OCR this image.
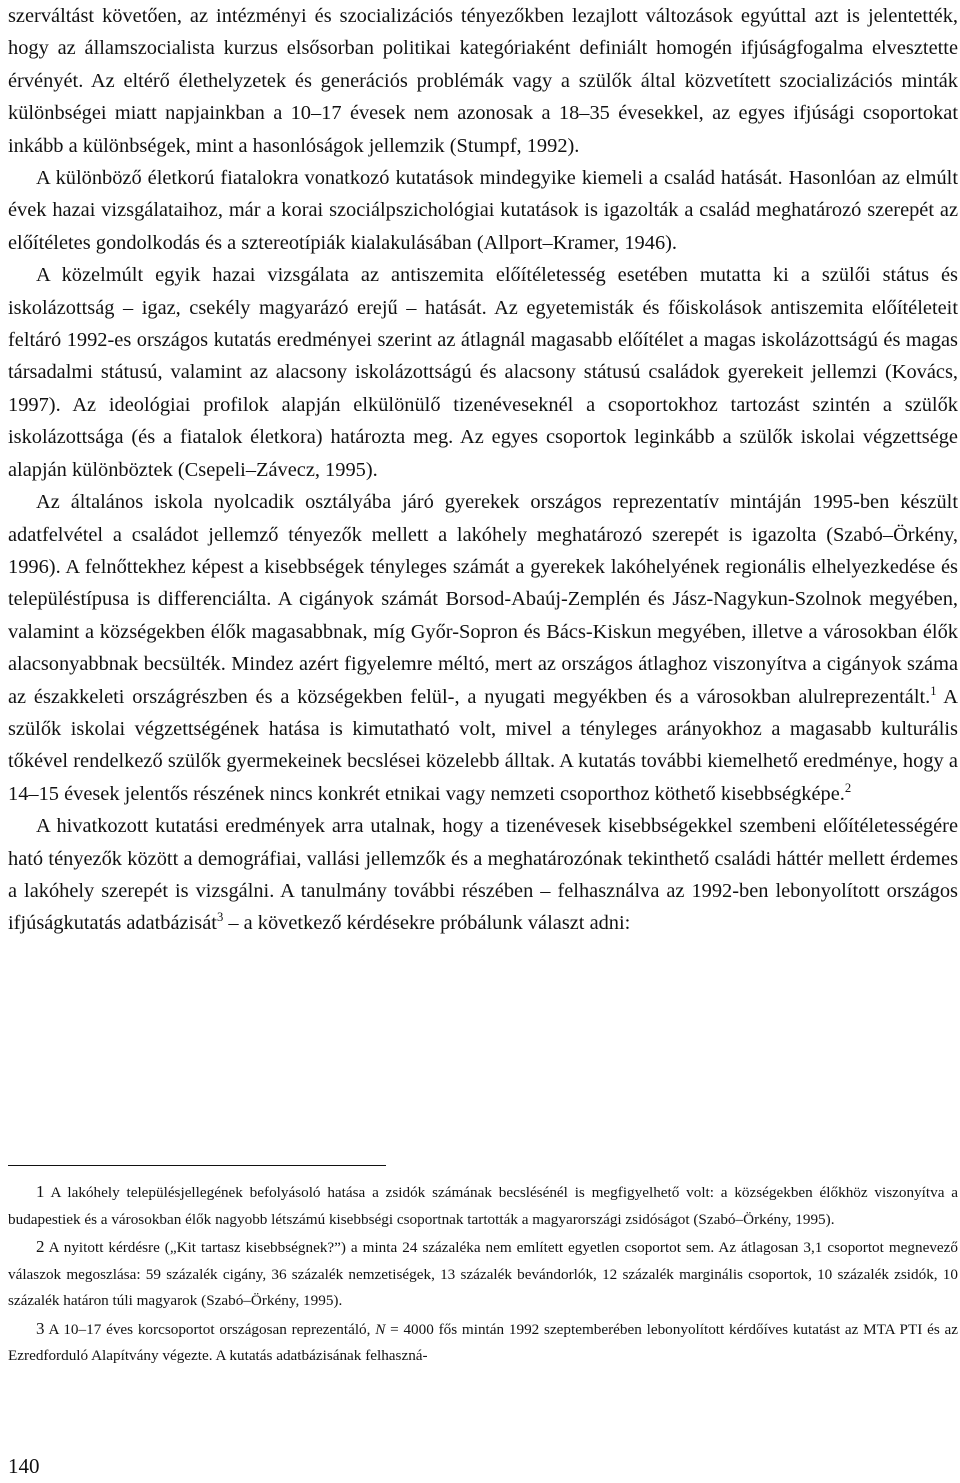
szerváltást követően, az intézményi és szocializációs tényezőkben lezajlott változások egyúttal azt is jelentették, hogy az államszocialista kurzus elsősorban politikai kategóriaként definiált homogén ifjúságfogalma elvesztette érvényét. Az eltérő élethelyzetek és generációs problémák vagy a szülők által közvetített szocializációs minták különbségei miatt napjainkban a 10–17 évesek nem azonosak a 18–35 évesekkel, az egyes ifjúsági csoportokat inkább a különbségek, mint a hasonlóságok jellemzik (Stumpf, 1992).

A különböző életkorú fiatalokra vonatkozó kutatások mindegyike kiemeli a család hatását. Hasonlóan az elmúlt évek hazai vizsgálataihoz, már a korai szociálpszichológiai kutatások is igazolták a család meghatározó szerepét az előítéletes gondolkodás és a sztereotípiák kialakulásában (Allport–Kramer, 1946).

A közelmúlt egyik hazai vizsgálata az antiszemita előítéletesség esetében mutatta ki a szülői státus és iskolázottság – igaz, csekély magyarázó erejű – hatását. Az egyetemisták és főiskolások antiszemita előítéleteit feltáró 1992-es országos kutatás eredményei szerint az átlagnál magasabb előítélet a magas iskolázottságú és magas társadalmi státusú, valamint az alacsony iskolázottságú és alacsony státusú családok gyerekeit jellemzi (Kovács, 1997). Az ideológiai profilok alapján elkülönülő tizenéveseknél a csoportokhoz tartozást szintén a szülők iskolázottsága (és a fiatalok életkora) határozta meg. Az egyes csoportok leginkább a szülők iskolai végzettsége alapján különböztek (Csepeli–Závecz, 1995).

Az általános iskola nyolcadik osztályába járó gyerekek országos reprezentatív mintáján 1995-ben készült adatfelvétel a családot jellemző tényezők mellett a lakóhely meghatározó szerepét is igazolta (Szabó–Örkény, 1996). A felnőttekhez képest a kisebbségek tényleges számát a gyerekek lakóhelyének regionális elhelyezkedése és településtípusa is differenciálta. A cigányok számát Borsod-Abaúj-Zemplén és Jász-Nagykun-Szolnok megyében, valamint a községekben élők magasabbnak, míg Győr-Sopron és Bács-Kiskun megyében, illetve a városokban élők alacsonyabbnak becsülték. Mindez azért figyelemre méltó, mert az országos átlaghoz viszonyítva a cigányok száma az északkeleti országrészben és a községekben felül-, a nyugati megyékben és a városokban alulreprezentált.$^1$ A szülők iskolai végzettségének hatása is kimutatható volt, mivel a tényleges arányokhoz a magasabb kulturális tőkével rendelkező szülők gyermekeinek becslései közelebb álltak. A kutatás további kiemelhető eredménye, hogy a 14–15 évesek jelentős részének nincs konkrét etnikai vagy nemzeti csoporthoz köthető kisebbségképe.$^2$

A hivatkozott kutatási eredmények arra utalnak, hogy a tizenévesek kisebbségekkel szembeni előítéletességére ható tényezők között a demográfiai, vallási jellemzők és a meghatározónak tekinthető családi háttér mellett érdemes a lakóhely szerepét is vizsgálni. A tanulmány további részében – felhasználva az 1992-ben lebonyolított országos ifjúságkutatás adatbázisát$^3$ – a következő kérdésekre próbálunk választ adni:

1 A lakóhely településjellegének befolyásoló hatása a zsidók számának becslésénél is megfigyelhető volt: a községekben élőkhöz viszonyítva a budapestiek és a városokban élők nagyobb létszámú kisebbségi csoportnak tartották a magyarországi zsidóságot (Szabó–Örkény, 1995).

2 A nyitott kérdésre („Kit tartasz kisebbségnek?”) a minta 24 százaléka nem említett egyetlen csoportot sem. Az átlagosan 3,1 csoportot megnevező válaszok megoszlása: 59 százalék cigány, 36 százalék nemzetiségek, 13 százalék bevándorlók, 12 százalék marginális csoportok, 10 százalék zsidók, 10 százalék határon túli magyarok (Szabó–Örkény, 1995).

3 A 10–17 éves korcsoportot országosan reprezentáló, N = 4000 fős mintán 1992 szeptemberében lebonyolított kérdőíves kutatást az MTA PTI és az Ezredforduló Alapítvány végezte. A kutatás adatbázisának felhaszná-

140
